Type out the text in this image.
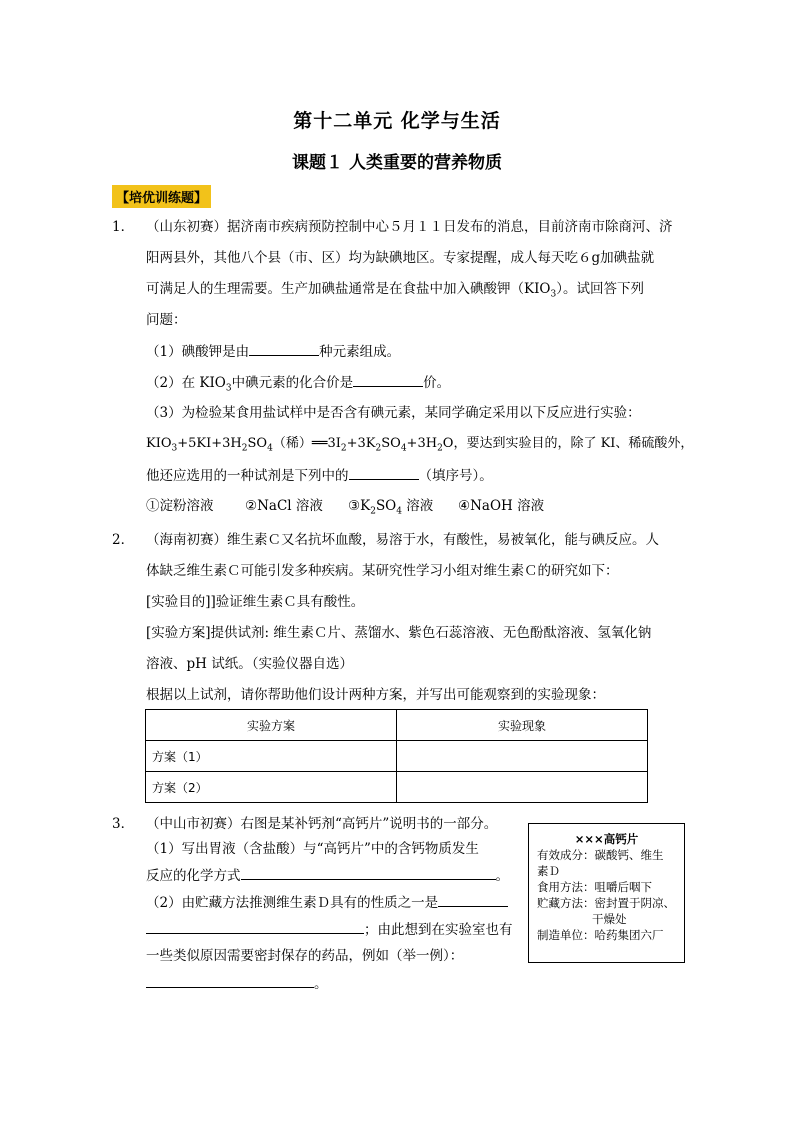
第十二单元 化学与生活
课题１ 人类重要的营养物质
【培优训练题】
1． （山东初赛）据济南市疾病预防控制中心５月１１日发布的消息，目前济南市除商河、济
阳两县外，其他八个县（市、区）均为缺碘地区。专家提醒，成人每天吃６g加碘盐就
可满足人的生理需要。生产加碘盐通常是在食盐中加入碘酸钾$(KIO_3)$。试回答下列
问题：
（1）碘酸钾是由	种元素组成。
（2）在 $KIO_3$中碘元素的化合价是	价。
（3）为检验某食用盐试样中是否含有碘元素，某同学确定采用以下反应进行实验：
$KIO_3+5KI+3H_2SO_4$（稀）$══3I_2+3K_2SO_4+3H_2O$，要达到实验目的，除了 KI、稀硫酸外，
他还应选用的一种试剂是下列中的	（填序号）。
①淀粉溶液 ②NaCl 溶液 $③K_2SO_4$ 溶液 ④NaOH 溶液
2． （海南初赛）维生素Ｃ又名抗坏血酸，易溶于水，有酸性，易被氧化，能与碘反应。人
体缺乏维生素Ｃ可能引发多种疾病。某研究性学习小组对维生素Ｃ的研究如下：
[实验目的]]验证维生素Ｃ具有酸性。
[实验方案]提供试剂: 维生素Ｃ片、蒸馏水、紫色石蕊溶液、无色酚酞溶液、氢氧化钠
溶液、pH 试纸。（实验仪器自选）
根据以上试剂，请你帮助他们设计两种方案，并写出可能观察到的实验现象：
实验方案	实验现象
方案（1）	
方案（2）	
3． （中山市初赛）右图是某补钙剂“高钙片”说明书的一部分。
（1）写出胃液（含盐酸）与“高钙片”中的含钙物质发生
反应的化学方式	。
（2）由贮藏方法推测维生素Ｄ具有的性质之一是
；由此想到在实验室也有
一些类似原因需要密封保存的药品，例如（举一例）：
。
×××高钙片
有效成分：碳酸钙、维生
素Ｄ
食用方法：咀嚼后咽下
贮藏方法：密封置于阴凉、
干燥处
制造单位：哈药集团六厂
